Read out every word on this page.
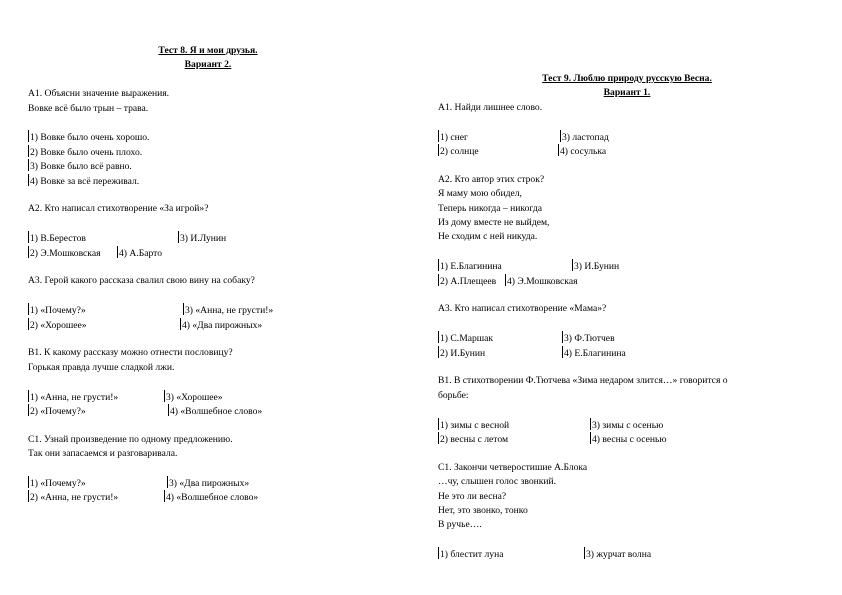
Тест 8. Я и мои друзья.
Вариант 2.
А1. Объясни значение выражения.
Вовке всё было трын – трава.
1) Вовке было очень хорошо.
2) Вовке было очень плохо.
3) Вовке было всё равно.
4) Вовке за всё переживал.
А2. Кто написал стихотворение «За игрой»?
1) В.Берестов	3) И.Лунин
2) Э.Мошковская 4) А.Барто
А3. Герой какого рассказа свалил свою вину на собаку?
1) «Почему?»	3) «Анна, не грусти!»
2) «Хорошее»	4) «Два пирожных»
В1. К какому рассказу можно отнести пословицу?
Горькая правда лучше сладкой лжи.
1) «Анна, не грусти!»	3) «Хорошее»
2) «Почему?»	4) «Волшебное слово»
С1. Узнай произведение по одному предложению.
Так они запасаемся и разговаривала.
1) «Почему?»	3) «Два пирожных»
2) «Анна, не грусти!»	4) «Волшебное слово»
Тест 9. Люблю природу русскую Весна.
Вариант 1.
А1. Найди лишнее слово.
1) снег	3) ластопад
2) солнце	4) сосулька
А2. Кто автор этих строк?
Я маму мою обидел,
Теперь никогда – никогда
Из дому вместе не выйдем,
Не сходим с ней никуда.
1) Е.Благинина	3) И.Бунин
2) А.Плещеев 4) Э.Мошковская
А3. Кто написал стихотворение «Мама»?
1) С.Маршак	3) Ф.Тютчев
2) И.Бунин	4) Е.Благинина
В1. В стихотворении Ф.Тютчева «Зима недаром злится…» говорится о
борьбе:
1) зимы с весной	3) зимы с осенью
2) весны с летом	4) весны с осенью
С1. Закончи четверостишие А.Блока
…чу, слышен голос звонкий.
Не это ли весна?
Нет, это звонко, тонко
В ручье….
1) блестит луна	3) журчат волна
